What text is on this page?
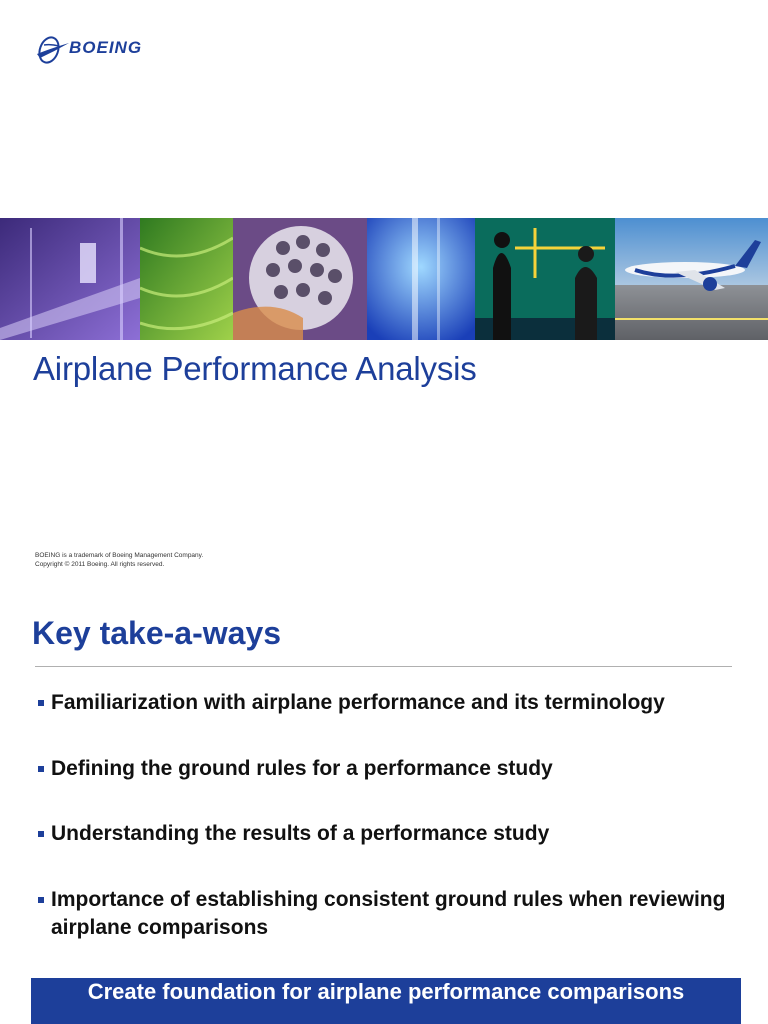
BOEING
Airplane Performance Analysis
BOEING is a trademark of Boeing Management Company.
Copyright © 2011 Boeing. All rights reserved.
Key take-a-ways
Familiarization with airplane performance and its terminology
Defining the ground rules for a performance study
Understanding the results of a performance study
Importance of establishing consistent ground rules when reviewing airplane comparisons
Create foundation for airplane performance comparisons
